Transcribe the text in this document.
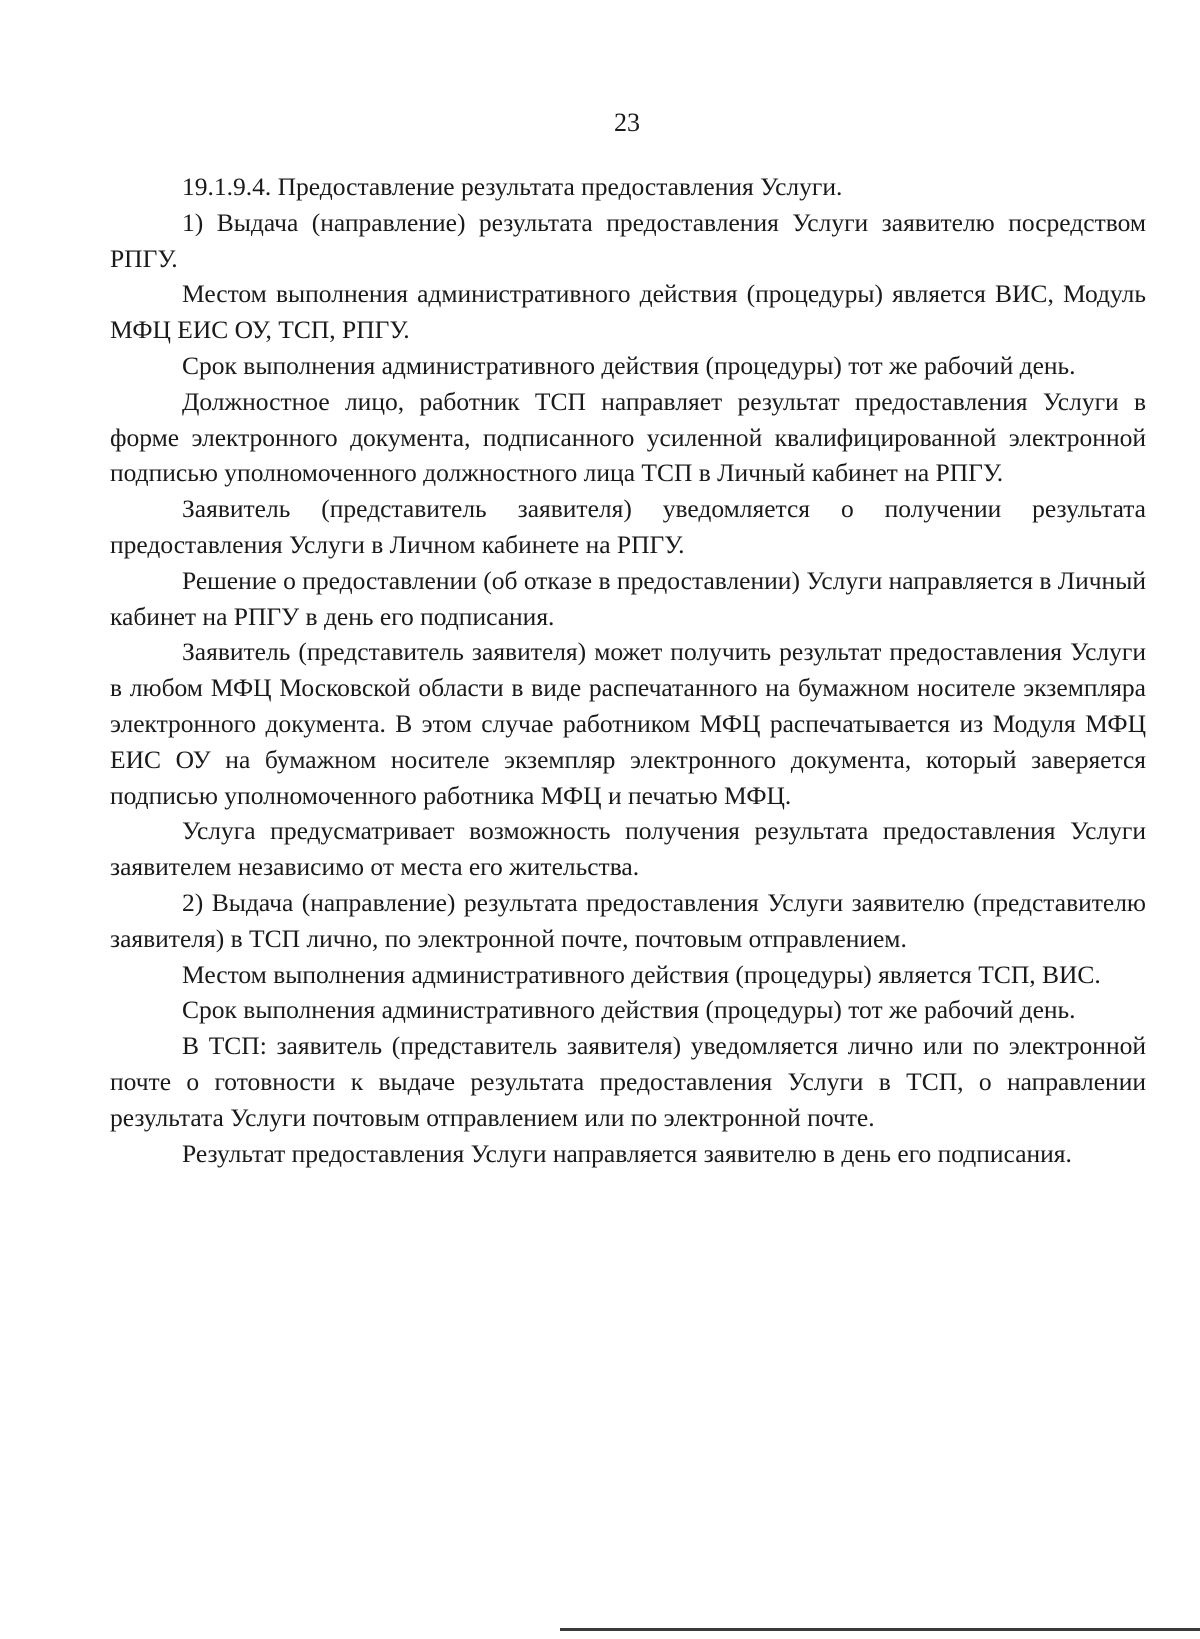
23

19.1.9.4. Предоставление результата предоставления Услуги.

1) Выдача (направление) результата предоставления Услуги заявителю посредством РПГУ.

Местом выполнения административного действия (процедуры) является ВИС, Модуль МФЦ ЕИС ОУ, ТСП, РПГУ.

Срок выполнения административного действия (процедуры) тот же рабочий день.

Должностное лицо, работник ТСП направляет результат предоставления Услуги в форме электронного документа, подписанного усиленной квалифицированной электронной подписью уполномоченного должностного лица ТСП в Личный кабинет на РПГУ.

Заявитель (представитель заявителя) уведомляется о получении результата предоставления Услуги в Личном кабинете на РПГУ.

Решение о предоставлении (об отказе в предоставлении) Услуги направляется в Личный кабинет на РПГУ в день его подписания.

Заявитель (представитель заявителя) может получить результат предоставления Услуги в любом МФЦ Московской области в виде распечатанного на бумажном носителе экземпляра электронного документа. В этом случае работником МФЦ распечатывается из Модуля МФЦ ЕИС ОУ на бумажном носителе экземпляр электронного документа, который заверяется подписью уполномоченного работника МФЦ и печатью МФЦ.

Услуга предусматривает возможность получения результата предоставления Услуги заявителем независимо от места его жительства.

2) Выдача (направление) результата предоставления Услуги заявителю (представителю заявителя) в ТСП лично, по электронной почте, почтовым отправлением.

Местом выполнения административного действия (процедуры) является ТСП, ВИС.

Срок выполнения административного действия (процедуры) тот же рабочий день.

В ТСП: заявитель (представитель заявителя) уведомляется лично или по электронной почте о готовности к выдаче результата предоставления Услуги в ТСП, о направлении результата Услуги почтовым отправлением или по электронной почте.

Результат предоставления Услуги направляется заявителю в день его подписания.
